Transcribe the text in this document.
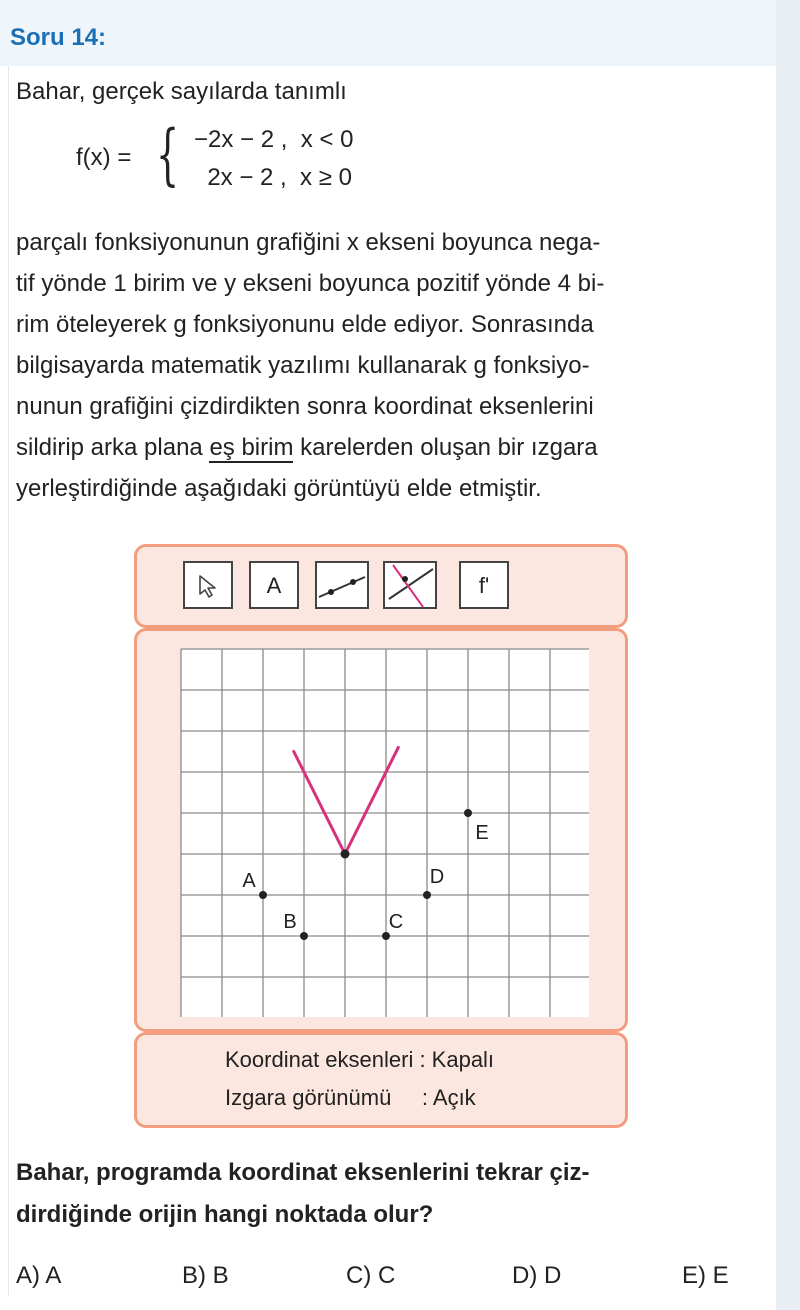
Soru 14:
Bahar, gerçek sayılarda tanımlı
f(x) = { −2x − 2 ,  x < 0
2x − 2 ,  x ≥ 0
parçalı fonksiyonunun grafiğini x ekseni boyunca nega-
tif yönde 1 birim ve y ekseni boyunca pozitif yönde 4 bi-
rim öteleyerek g fonksiyonunu elde ediyor. Sonrasında
bilgisayarda matematik yazılımı kullanarak g fonksiyo-
nunun grafiğini çizdirdikten sonra koordinat eksenlerini
sildirip arka plana eş birim karelerden oluşan bir ızgara
yerleştirdiğinde aşağıdaki görüntüyü elde etmiştir.
A	f'
A
B	C
D
E
Koordinat eksenleri : Kapalı
Izgara görünümü     : Açık
Bahar, programda koordinat eksenlerini tekrar çiz-
dirdiğinde orijin hangi noktada olur?
A) A	B) B	C) C	D) D	E) E
